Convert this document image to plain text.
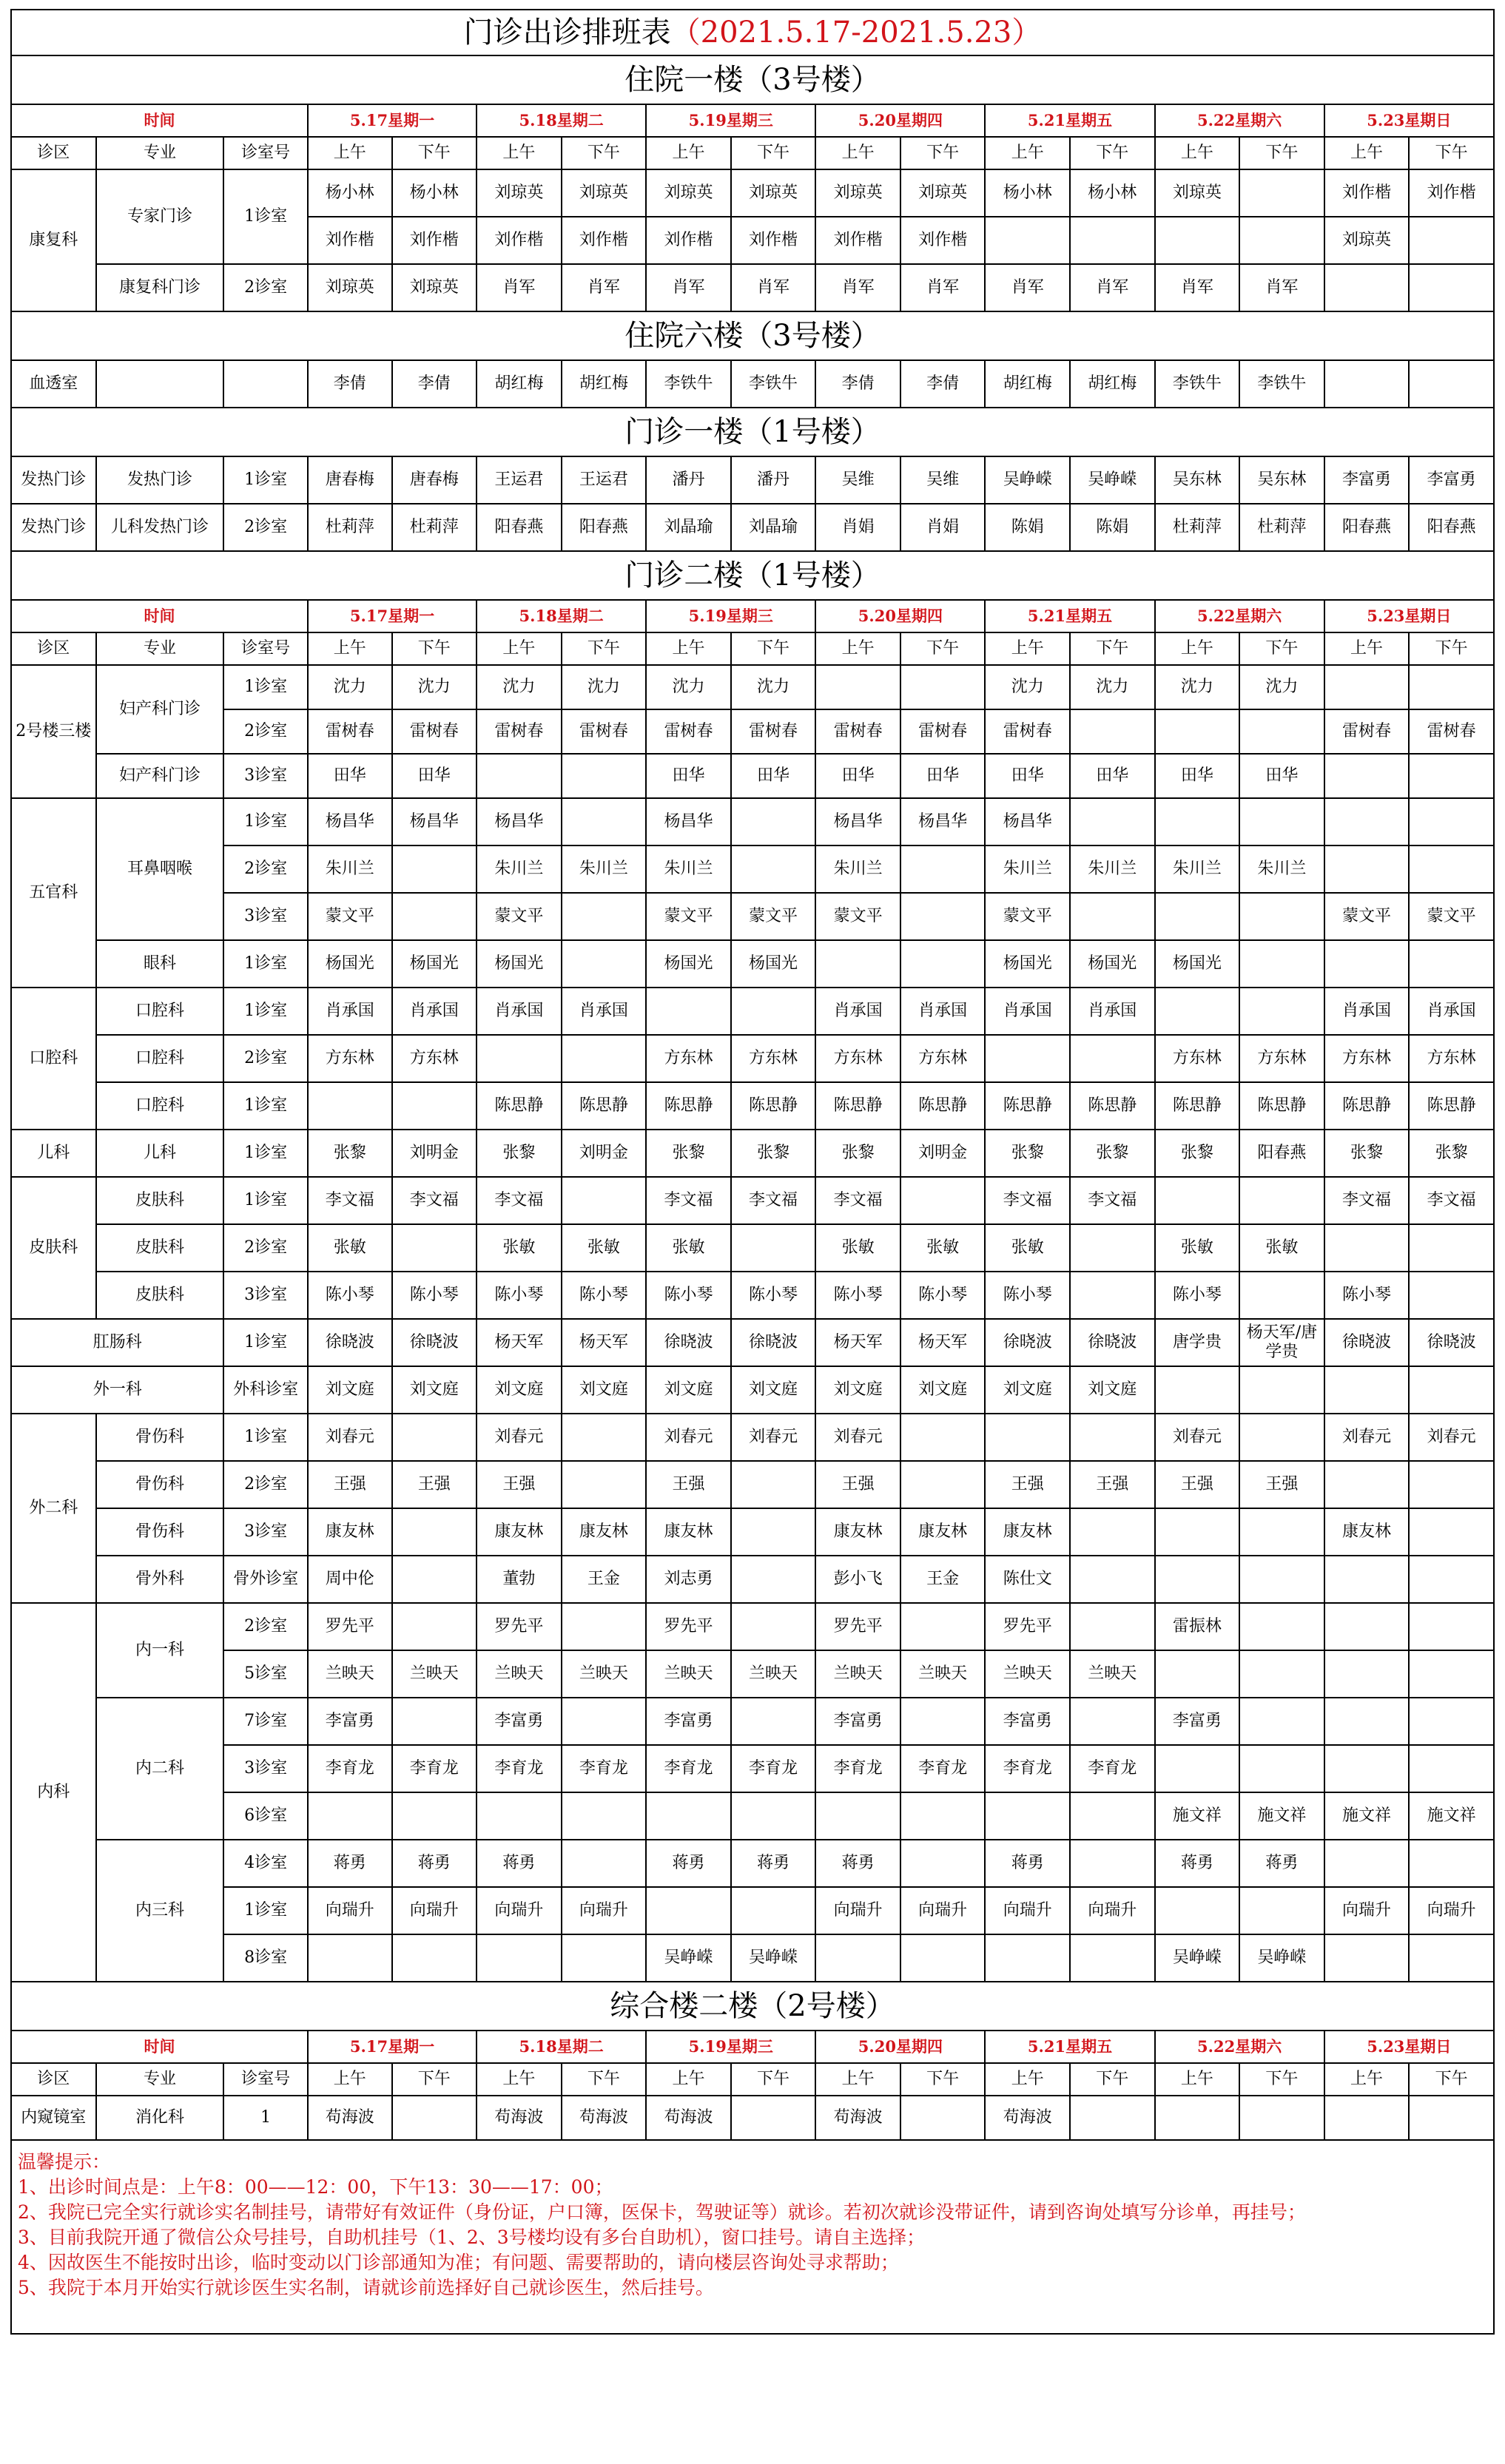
门诊出诊排班表（2021.5.17-2021.5.23）																
住院一楼（3号楼）																
时间			5.17星期一		5.18星期二		5.19星期三		5.20星期四		5.21星期五		5.22星期六		5.23星期日	
诊区	专业	诊室号	上午	下午	上午	下午	上午	下午	上午	下午	上午	下午	上午	下午	上午	下午
康复科	专家门诊	1诊室	杨小林	杨小林	刘琼英	刘琼英	刘琼英	刘琼英	刘琼英	刘琼英	杨小林	杨小林	刘琼英		刘作楷	刘作楷
			刘作楷	刘作楷	刘作楷	刘作楷	刘作楷	刘作楷	刘作楷	刘作楷					刘琼英	
	康复科门诊	2诊室	刘琼英	刘琼英	肖军	肖军	肖军	肖军	肖军	肖军	肖军	肖军	肖军	肖军		
住院六楼（3号楼）																
血透室			李倩	李倩	胡红梅	胡红梅	李铁牛	李铁牛	李倩	李倩	胡红梅	胡红梅	李铁牛	李铁牛		
门诊一楼（1号楼）																
发热门诊	发热门诊	1诊室	唐春梅	唐春梅	王运君	王运君	潘丹	潘丹	吴维	吴维	吴峥嵘	吴峥嵘	吴东林	吴东林	李富勇	李富勇
发热门诊	儿科发热门诊	2诊室	杜莉萍	杜莉萍	阳春燕	阳春燕	刘晶瑜	刘晶瑜	肖娟	肖娟	陈娟	陈娟	杜莉萍	杜莉萍	阳春燕	阳春燕
门诊二楼（1号楼）																
时间			5.17星期一		5.18星期二		5.19星期三		5.20星期四		5.21星期五		5.22星期六		5.23星期日	
诊区	专业	诊室号	上午	下午	上午	下午	上午	下午	上午	下午	上午	下午	上午	下午	上午	下午
2号楼三楼	妇产科门诊	1诊室	沈力	沈力	沈力	沈力	沈力	沈力			沈力	沈力	沈力	沈力		
		2诊室	雷树春	雷树春	雷树春	雷树春	雷树春	雷树春	雷树春	雷树春	雷树春				雷树春	雷树春
	妇产科门诊	3诊室	田华	田华			田华	田华	田华	田华	田华	田华	田华	田华		
五官科	耳鼻咽喉	1诊室	杨昌华	杨昌华	杨昌华		杨昌华		杨昌华	杨昌华	杨昌华					
		2诊室	朱川兰		朱川兰	朱川兰	朱川兰		朱川兰		朱川兰	朱川兰	朱川兰	朱川兰		
		3诊室	蒙文平		蒙文平		蒙文平	蒙文平	蒙文平		蒙文平				蒙文平	蒙文平
	眼科	1诊室	杨国光	杨国光	杨国光		杨国光	杨国光			杨国光	杨国光	杨国光			
口腔科	口腔科	1诊室	肖承国	肖承国	肖承国	肖承国			肖承国	肖承国	肖承国	肖承国			肖承国	肖承国
	口腔科	2诊室	方东林	方东林			方东林	方东林	方东林	方东林			方东林	方东林	方东林	方东林
	口腔科	1诊室			陈思静	陈思静	陈思静	陈思静	陈思静	陈思静	陈思静	陈思静	陈思静	陈思静	陈思静	陈思静
儿科	儿科	1诊室	张黎	刘明金	张黎	刘明金	张黎	张黎	张黎	刘明金	张黎	张黎	张黎	阳春燕	张黎	张黎
皮肤科	皮肤科	1诊室	李文福	李文福	李文福		李文福	李文福	李文福		李文福	李文福			李文福	李文福
	皮肤科	2诊室	张敏		张敏	张敏	张敏		张敏	张敏	张敏		张敏	张敏		
	皮肤科	3诊室	陈小琴	陈小琴	陈小琴	陈小琴	陈小琴	陈小琴	陈小琴	陈小琴	陈小琴		陈小琴		陈小琴	
肛肠科		1诊室	徐晓波	徐晓波	杨天军	杨天军	徐晓波	徐晓波	杨天军	杨天军	徐晓波	徐晓波	唐学贵	杨天军/唐学贵	徐晓波	徐晓波
外一科		外科诊室	刘文庭	刘文庭	刘文庭	刘文庭	刘文庭	刘文庭	刘文庭	刘文庭	刘文庭	刘文庭				
外二科	骨伤科	1诊室	刘春元		刘春元		刘春元	刘春元	刘春元				刘春元		刘春元	刘春元
	骨伤科	2诊室	王强	王强	王强		王强		王强		王强	王强	王强	王强		
	骨伤科	3诊室	康友林		康友林	康友林	康友林		康友林	康友林	康友林				康友林	
	骨外科	骨外诊室	周中伦		董勃	王金	刘志勇		彭小飞	王金	陈仕文					
内科	内一科	2诊室	罗先平		罗先平		罗先平		罗先平		罗先平		雷振林			
		5诊室	兰映天	兰映天	兰映天	兰映天	兰映天	兰映天	兰映天	兰映天	兰映天	兰映天				
	内二科	7诊室	李富勇		李富勇		李富勇		李富勇		李富勇		李富勇			
		3诊室	李育龙	李育龙	李育龙	李育龙	李育龙	李育龙	李育龙	李育龙	李育龙	李育龙				
		6诊室											施文祥	施文祥	施文祥	施文祥
	内三科	4诊室	蒋勇	蒋勇	蒋勇		蒋勇	蒋勇	蒋勇		蒋勇		蒋勇	蒋勇		
		1诊室	向瑞升	向瑞升	向瑞升	向瑞升			向瑞升	向瑞升	向瑞升	向瑞升			向瑞升	向瑞升
		8诊室					吴峥嵘	吴峥嵘					吴峥嵘	吴峥嵘		
综合楼二楼（2号楼）																
时间			5.17星期一		5.18星期二		5.19星期三		5.20星期四		5.21星期五		5.22星期六		5.23星期日	
诊区	专业	诊室号	上午	下午	上午	下午	上午	下午	上午	下午	上午	下午	上午	下午	上午	下午
内窥镜室	消化科	1	苟海波		苟海波	苟海波	苟海波		苟海波		苟海波					
温馨提示：
1、出诊时间点是：上午8：00——12：00，下午13：30——17：00；
2、我院已完全实行就诊实名制挂号，请带好有效证件（身份证，户口簿，医保卡，驾驶证等）就诊。若初次就诊没带证件，请到咨询处填写分诊单，再挂号；
3、目前我院开通了微信公众号挂号，自助机挂号（1、2、3号楼均设有多台自助机），窗口挂号。请自主选择；
4、因故医生不能按时出诊，临时变动以门诊部通知为准；有问题、需要帮助的，请向楼层咨询处寻求帮助；
5、我院于本月开始实行就诊医生实名制，请就诊前选择好自己就诊医生，然后挂号。
